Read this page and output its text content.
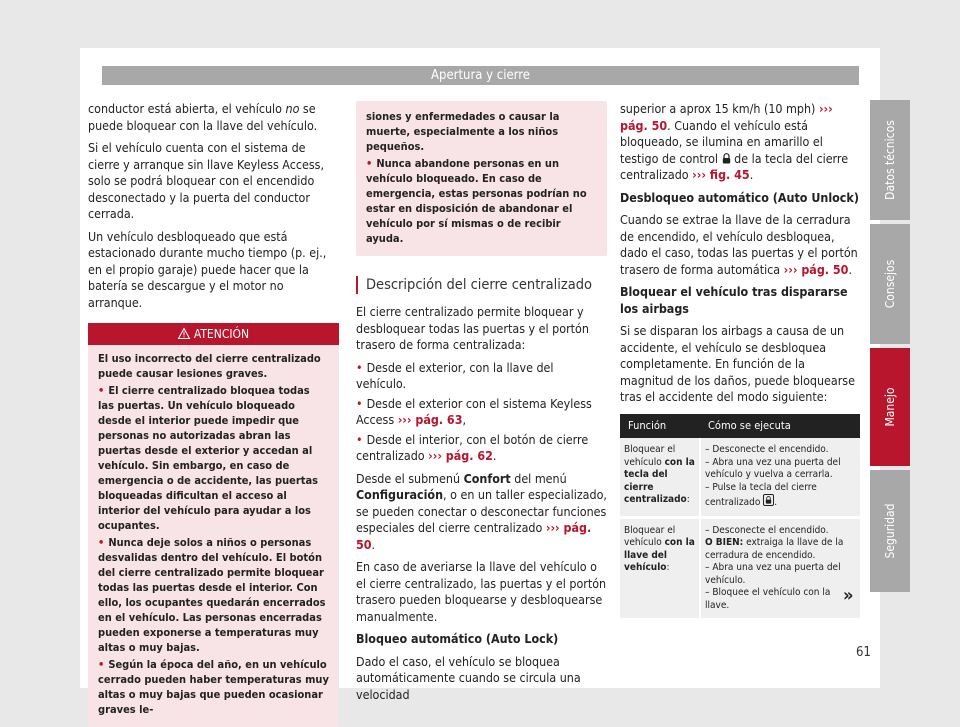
Apertura y cierre

conductor está abierta, el vehículo no se puede bloquear con la llave del vehículo.

Si el vehículo cuenta con el sistema de cierre y arranque sin llave Keyless Access, solo se podrá bloquear con el encendido desconectado y la puerta del conductor cerrada.

Un vehículo desbloqueado que está estacionado durante mucho tiempo (p. ej., en el propio garaje) puede hacer que la batería se descargue y el motor no arranque.

ATENCIÓN

El uso incorrecto del cierre centralizado puede causar lesiones graves.

• El cierre centralizado bloquea todas las puertas. Un vehículo bloqueado desde el interior puede impedir que personas no autorizadas abran las puertas desde el exterior y accedan al vehículo. Sin embargo, en caso de emergencia o de accidente, las puertas bloqueadas dificultan el acceso al interior del vehículo para ayudar a los ocupantes.

• Nunca deje solos a niños o personas desvalidas dentro del vehículo. El botón del cierre centralizado permite bloquear todas las puertas desde el interior. Con ello, los ocupantes quedarán encerrados en el vehículo. Las personas encerradas pueden exponerse a temperaturas muy altas o muy bajas.

• Según la época del año, en un vehículo cerrado pueden haber temperaturas muy altas o muy bajas que pueden ocasionar graves le-

siones y enfermedades o causar la muerte, especialmente a los niños pequeños.

• Nunca abandone personas en un vehículo bloqueado. En caso de emergencia, estas personas podrían no estar en disposición de abandonar el vehículo por sí mismas o de recibir ayuda.

Descripción del cierre centralizado

El cierre centralizado permite bloquear y desbloquear todas las puertas y el portón trasero de forma centralizada:

• Desde el exterior, con la llave del vehículo.

• Desde el exterior con el sistema Keyless Access ››› pág. 63,

• Desde el interior, con el botón de cierre centralizado ››› pág. 62.

Desde el submenú Confort del menú Configuración, o en un taller especializado, se pueden conectar o desconectar funciones especiales del cierre centralizado ››› pág. 50.

En caso de averiarse la llave del vehículo o el cierre centralizado, las puertas y el portón trasero pueden bloquearse y desbloquearse manualmente.

Bloqueo automático (Auto Lock)

Dado el caso, el vehículo se bloquea automáticamente cuando se circula una velocidad

superior a aprox 15 km/h (10 mph) ››› pág. 50. Cuando el vehículo está bloqueado, se ilumina en amarillo el testigo de control  de la tecla del cierre centralizado ››› fig. 45.

Desbloqueo automático (Auto Unlock)

Cuando se extrae la llave de la cerradura de encendido, el vehículo desbloquea, dado el caso, todas las puertas y el portón trasero de forma automática ››› pág. 50.

Bloquear el vehículo tras dispararse los airbags

Si se disparan los airbags a causa de un accidente, el vehículo se desbloquea completamente. En función de la magnitud de los daños, puede bloquearse tras el accidente del modo siguiente:

Función	Cómo se ejecuta
Bloquear el vehículo con la tecla del cierre centralizado:	– Desconecte el encendido.
– Abra una vez una puerta del vehículo y vuelva a cerrarla.
– Pulse la tecla del cierre centralizado .

Bloquear el vehículo con la llave del vehículo:	– Desconecte el encendido.
O BIEN: extraiga la llave de la cerradura de encendido.
– Abra una vez una puerta del vehículo.
– Bloquee el vehículo con la llave.	»
Datos técnicos
Consejos
Manejo
Seguridad
61
